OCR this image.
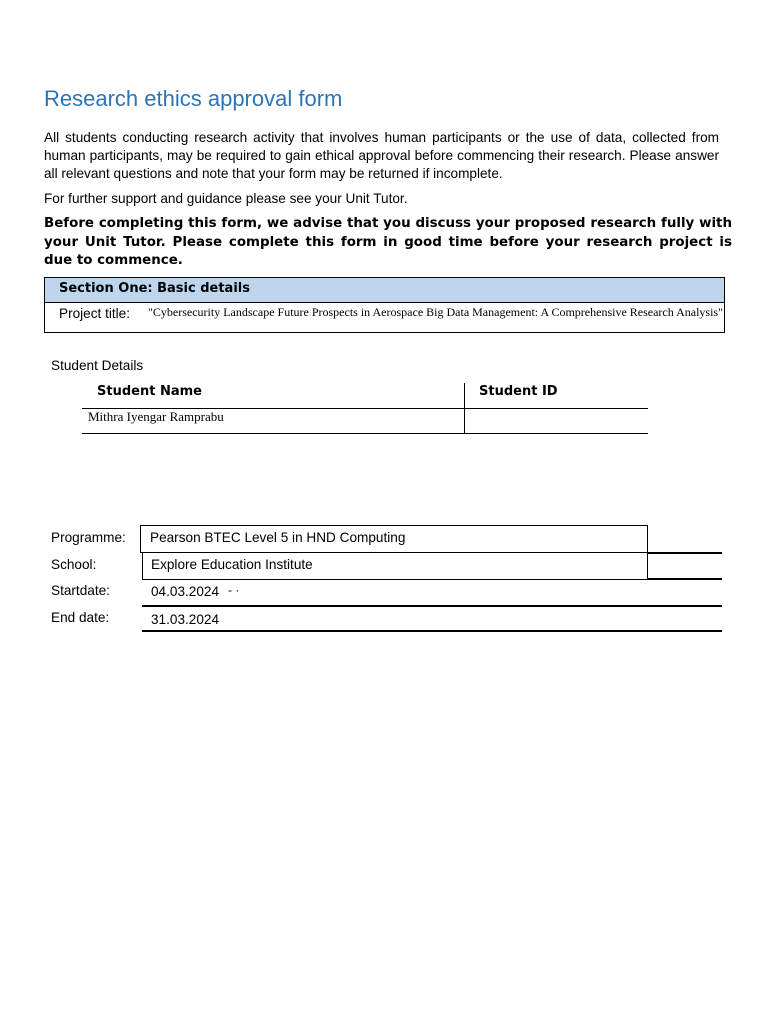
Research ethics approval form
All students conducting research activity that involves human participants or the use of data, collected from human participants, may be required to gain ethical approval before commencing their research. Please answer all relevant questions and note that your form may be returned if incomplete.
For further support and guidance please see your Unit Tutor.
Before completing this form, we advise that you discuss your proposed research fully with your Unit Tutor. Please complete this form in good time before your research project is due to commence.
Section One: Basic details
Project title: "Cybersecurity Landscape Future Prospects in Aerospace Big Data Management: A Comprehensive Research Analysis"
Student Details
Student Name	Student ID
Mithra Iyengar Ramprabu
Programme:
School:
Startdate:
End date:
Pearson BTEC Level 5 in HND Computing
Explore Education Institute
04.03.2024 - ·
31.03.2024
